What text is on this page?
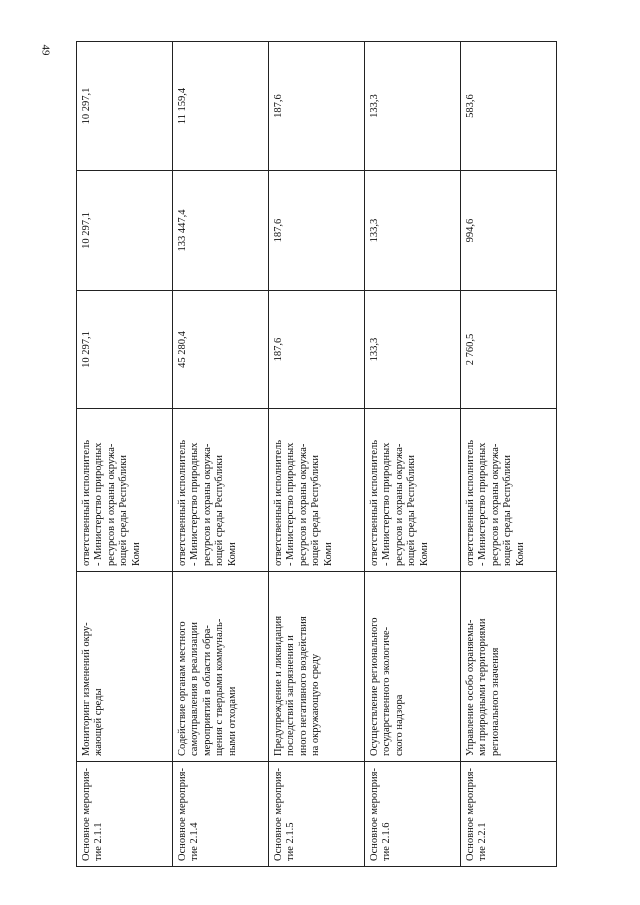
49
Основное мероприя-
тие 2.1.1	Мониторинг изменений окру-
жающей среды	ответственный исполнитель
- Министерство природных
ресурсов и охраны окружа-
ющей среды Республики
Коми	10 297,1	10 297,1	10 297,1
Основное мероприя-
тие 2.1.4	Содействие органам местного
самоуправления в реализации
мероприятий в области обра-
щения с твердыми коммуналь-
ными отходами	ответственный исполнитель
- Министерство природных
ресурсов и охраны окружа-
ющей среды Республики
Коми	45 280,4	133 447,4	11 159,4
Основное мероприя-
тие 2.1.5	Предупреждение и ликвидация
последствий загрязнения и
иного негативного воздействия
на окружающую среду	ответственный исполнитель
- Министерство природных
ресурсов и охраны окружа-
ющей среды Республики
Коми	187,6	187,6	187,6
Основное мероприя-
тие 2.1.6	Осуществление регионального
государственного экологиче-
ского надзора	ответственный исполнитель
- Министерство природных
ресурсов и охраны окружа-
ющей среды Республики
Коми	133,3	133,3	133,3
Основное мероприя-
тие 2.2.1	Управление особо охраняемы-
ми природными территориями
регионального значения	ответственный исполнитель
- Министерство природных
ресурсов и охраны окружа-
ющей среды Республики
Коми	2 760,5	994,6	583,6
